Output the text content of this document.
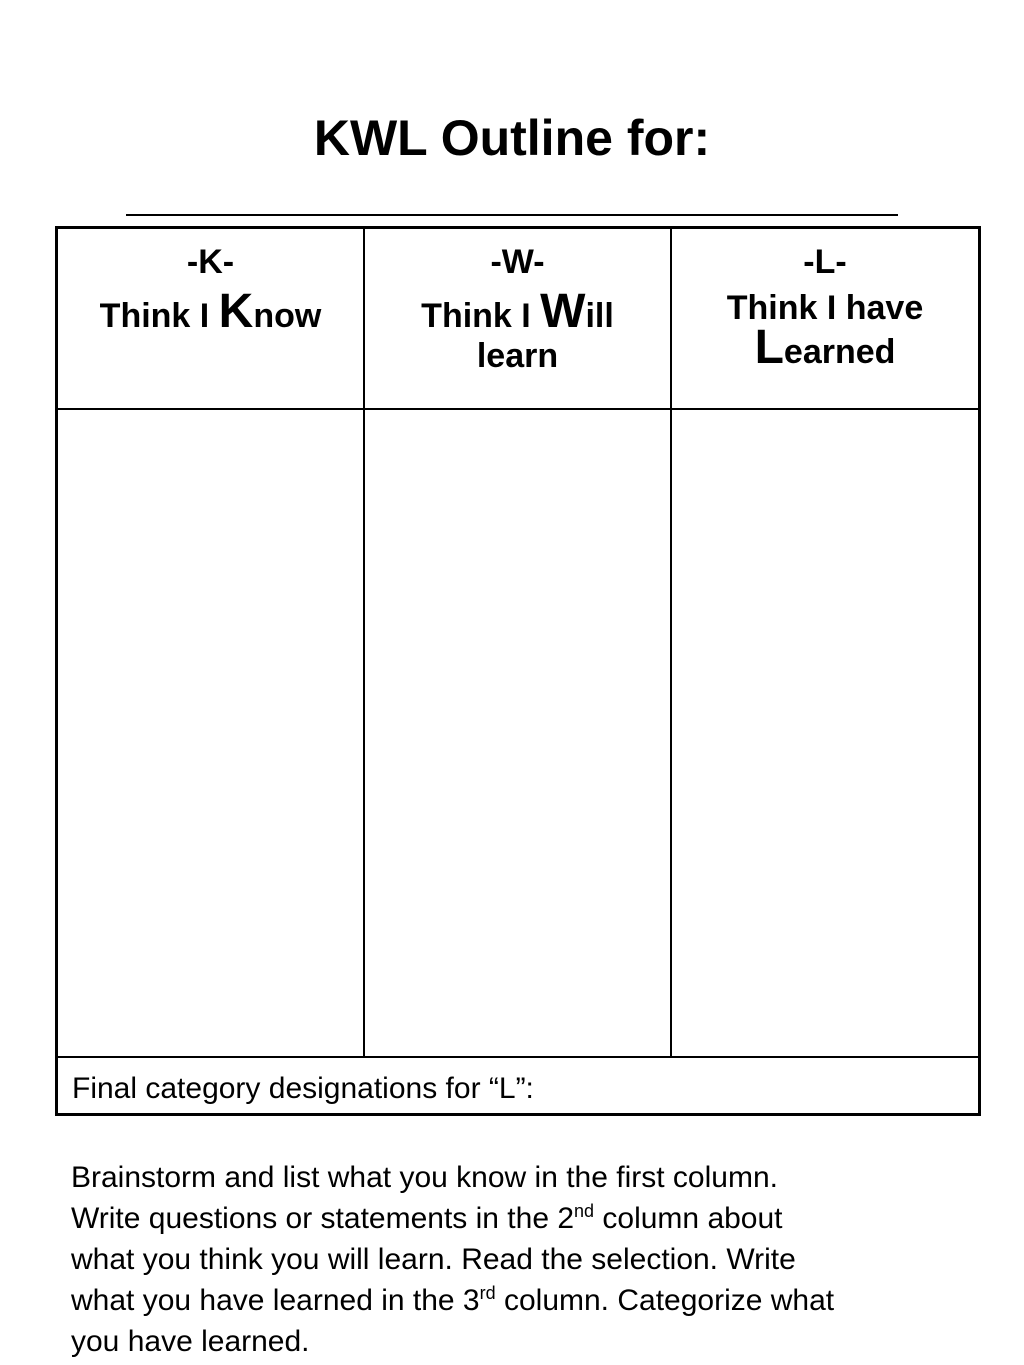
KWL Outline for:
-K-
Think I Know
-W-
Think I Will learn
-L-
Think I have Learned
Final category designations for “L”:
Brainstorm and list what you know in the first column.
Write questions or statements in the 2nd column about
what you think you will learn. Read the selection. Write
what you have learned in the 3rd column. Categorize what
you have learned.
